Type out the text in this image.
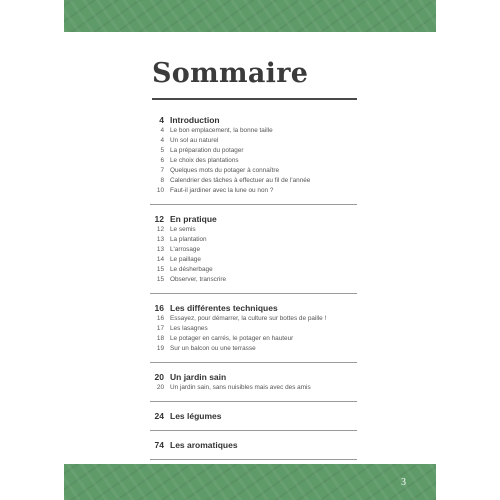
Sommaire
4 Introduction
4 Le bon emplacement, la bonne taille
4 Un sol au naturel
5 La préparation du potager
6 Le choix des plantations
7 Quelques mots du potager à connaître
8 Calendrier des tâches à effectuer au fil de l'année
10 Faut-il jardiner avec la lune ou non ?
12 En pratique
12 Le semis
13 La plantation
13 L'arrosage
14 Le paillage
15 Le désherbage
15 Observer, transcrire
16 Les différentes techniques
16 Essayez, pour démarrer, la culture sur bottes de paille !
17 Les lasagnes
18 Le potager en carrés, le potager en hauteur
19 Sur un balcon ou une terrasse
20 Un jardin sain
20 Un jardin sain, sans nuisibles mais avec des amis
24 Les légumes
74 Les aromatiques
3
